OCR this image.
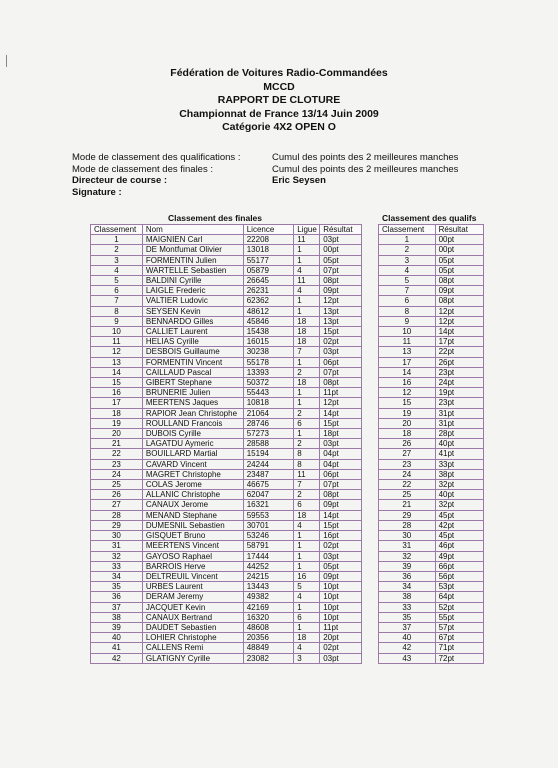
Fédération de Voitures Radio-Commandées
MCCD
RAPPORT DE CLOTURE
Championnat de France 13/14 Juin 2009
Catégorie 4X2 OPEN O
Mode de classement des qualifications :	Cumul des points des 2 meilleures manches
Mode de classement des finales :	Cumul des points des 2 meilleures manches
Directeur de course :	Eric Seysen
Signature :
Classement des finales	Classement des qualifs
Classement	Nom	Licence	Ligue	Résultat
1	MAIGNIEN Carl	22208	11	03pt
2	DE Montfumat Olivier	13018	1	00pt
3	FORMENTIN Julien	55177	1	05pt
4	WARTELLE Sebastien	05879	4	07pt
5	BALDINI Cyrille	26645	11	08pt
6	LAIGLE Frederic	26231	4	09pt
7	VALTIER Ludovic	62362	1	12pt
8	SEYSEN Kevin	48612	1	13pt
9	BENNARDO Gilles	45846	18	13pt
10	CALLIET Laurent	15438	18	15pt
11	HELIAS Cyrille	16015	18	02pt
12	DESBOIS Guillaume	30238	7	03pt
13	FORMENTIN Vincent	55178	1	06pt
14	CAILLAUD Pascal	13393	2	07pt
15	GIBERT Stephane	50372	18	08pt
16	BRUNERIE Julien	55443	1	11pt
17	MEERTENS Jaques	10818	1	12pt
18	RAPIOR Jean Christophe	21064	2	14pt
19	ROULLAND Francois	28746	6	15pt
20	DUBOIS Cyrille	57273	1	18pt
21	LAGATDU Aymeric	28588	2	03pt
22	BOUILLARD Martial	15194	8	04pt
23	CAVARD Vincent	24244	8	04pt
24	MAGRET Christophe	23487	11	06pt
25	COLAS Jerome	46675	7	07pt
26	ALLANIC Christophe	62047	2	08pt
27	CANAUX Jerome	16321	6	09pt
28	MENAND Stephane	59553	18	14pt
29	DUMESNIL Sebastien	30701	4	15pt
30	GISQUET Bruno	53246	1	16pt
31	MEERTENS Vincent	58791	1	02pt
32	GAYOSO Raphael	17444	1	03pt
33	BARROIS Herve	44252	1	05pt
34	DELTREUIL Vincent	24215	16	09pt
35	URBES Laurent	13443	5	10pt
36	DERAM Jeremy	49382	4	10pt
37	JACQUET Kevin	42169	1	10pt
38	CANAUX Bertrand	16320	6	10pt
39	DAUDET Sebastien	48608	1	11pt
40	LOHIER Christophe	20356	18	20pt
41	CALLENS Remi	48849	4	02pt
42	GLATIGNY Cyrille	23082	3	03pt
Classement	Résultat
1	00pt
2	00pt
3	05pt
4	05pt
5	08pt
7	09pt
6	08pt
8	12pt
9	12pt
10	14pt
11	17pt
13	22pt
17	26pt
14	23pt
16	24pt
12	19pt
15	23pt
19	31pt
20	31pt
18	28pt
26	40pt
27	41pt
23	33pt
24	38pt
22	32pt
25	40pt
21	32pt
29	45pt
28	42pt
30	45pt
31	46pt
32	49pt
39	66pt
36	56pt
34	53pt
38	64pt
33	52pt
35	55pt
37	57pt
40	67pt
42	71pt
43	72pt
